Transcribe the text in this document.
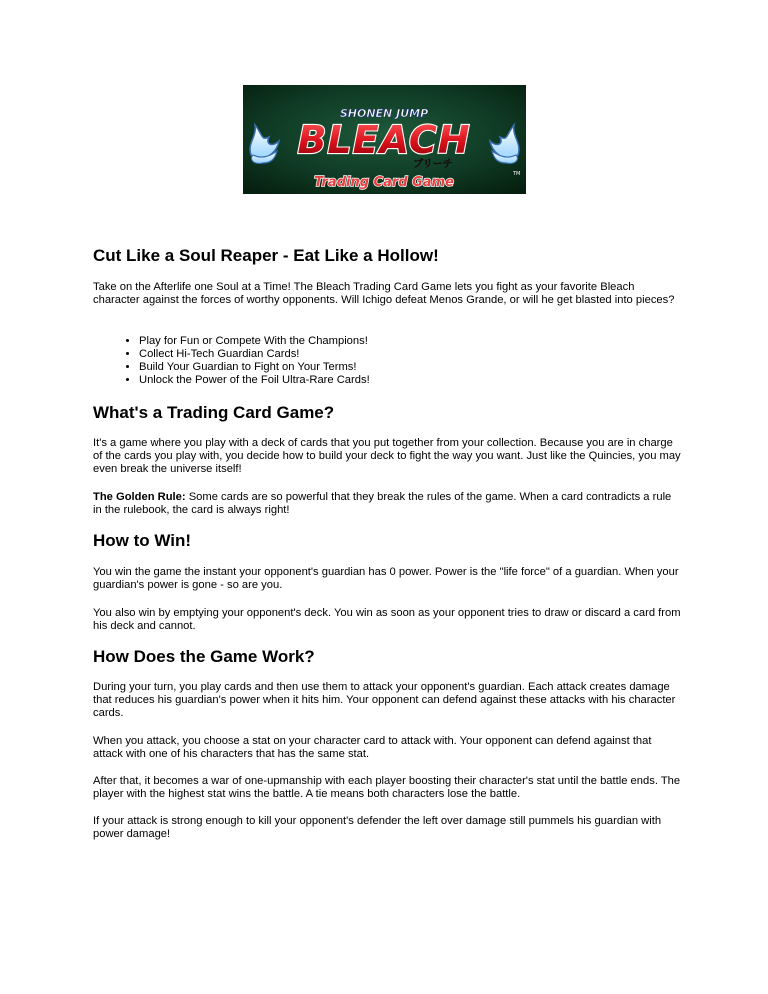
SHONEN JUMP
BLEACH
ブリーチ
Trading Card Game
TM
Cut Like a Soul Reaper - Eat Like a Hollow!

Take on the Afterlife one Soul at a Time! The Bleach Trading Card Game lets you fight as your favorite Bleach character against the forces of worthy opponents. Will Ichigo defeat Menos Grande, or will he get blasted into pieces?

• Play for Fun or Compete With the Champions!
• Collect Hi-Tech Guardian Cards!
• Build Your Guardian to Fight on Your Terms!
• Unlock the Power of the Foil Ultra-Rare Cards!
What's a Trading Card Game?

It's a game where you play with a deck of cards that you put together from your collection. Because you are in charge of the cards you play with, you decide how to build your deck to fight the way you want. Just like the Quincies, you may even break the universe itself!

The Golden Rule: Some cards are so powerful that they break the rules of the game. When a card contradicts a rule in the rulebook, the card is always right!

How to Win!

You win the game the instant your opponent's guardian has 0 power. Power is the "life force" of a guardian. When your guardian's power is gone - so are you.

You also win by emptying your opponent's deck. You win as soon as your opponent tries to draw or discard a card from his deck and cannot.

How Does the Game Work?

During your turn, you play cards and then use them to attack your opponent's guardian. Each attack creates damage that reduces his guardian's power when it hits him. Your opponent can defend against these attacks with his character cards.

When you attack, you choose a stat on your character card to attack with. Your opponent can defend against that attack with one of his characters that has the same stat.

After that, it becomes a war of one-upmanship with each player boosting their character's stat until the battle ends. The player with the highest stat wins the battle. A tie means both characters lose the battle.

If your attack is strong enough to kill your opponent's defender the left over damage still pummels his guardian with power damage!
